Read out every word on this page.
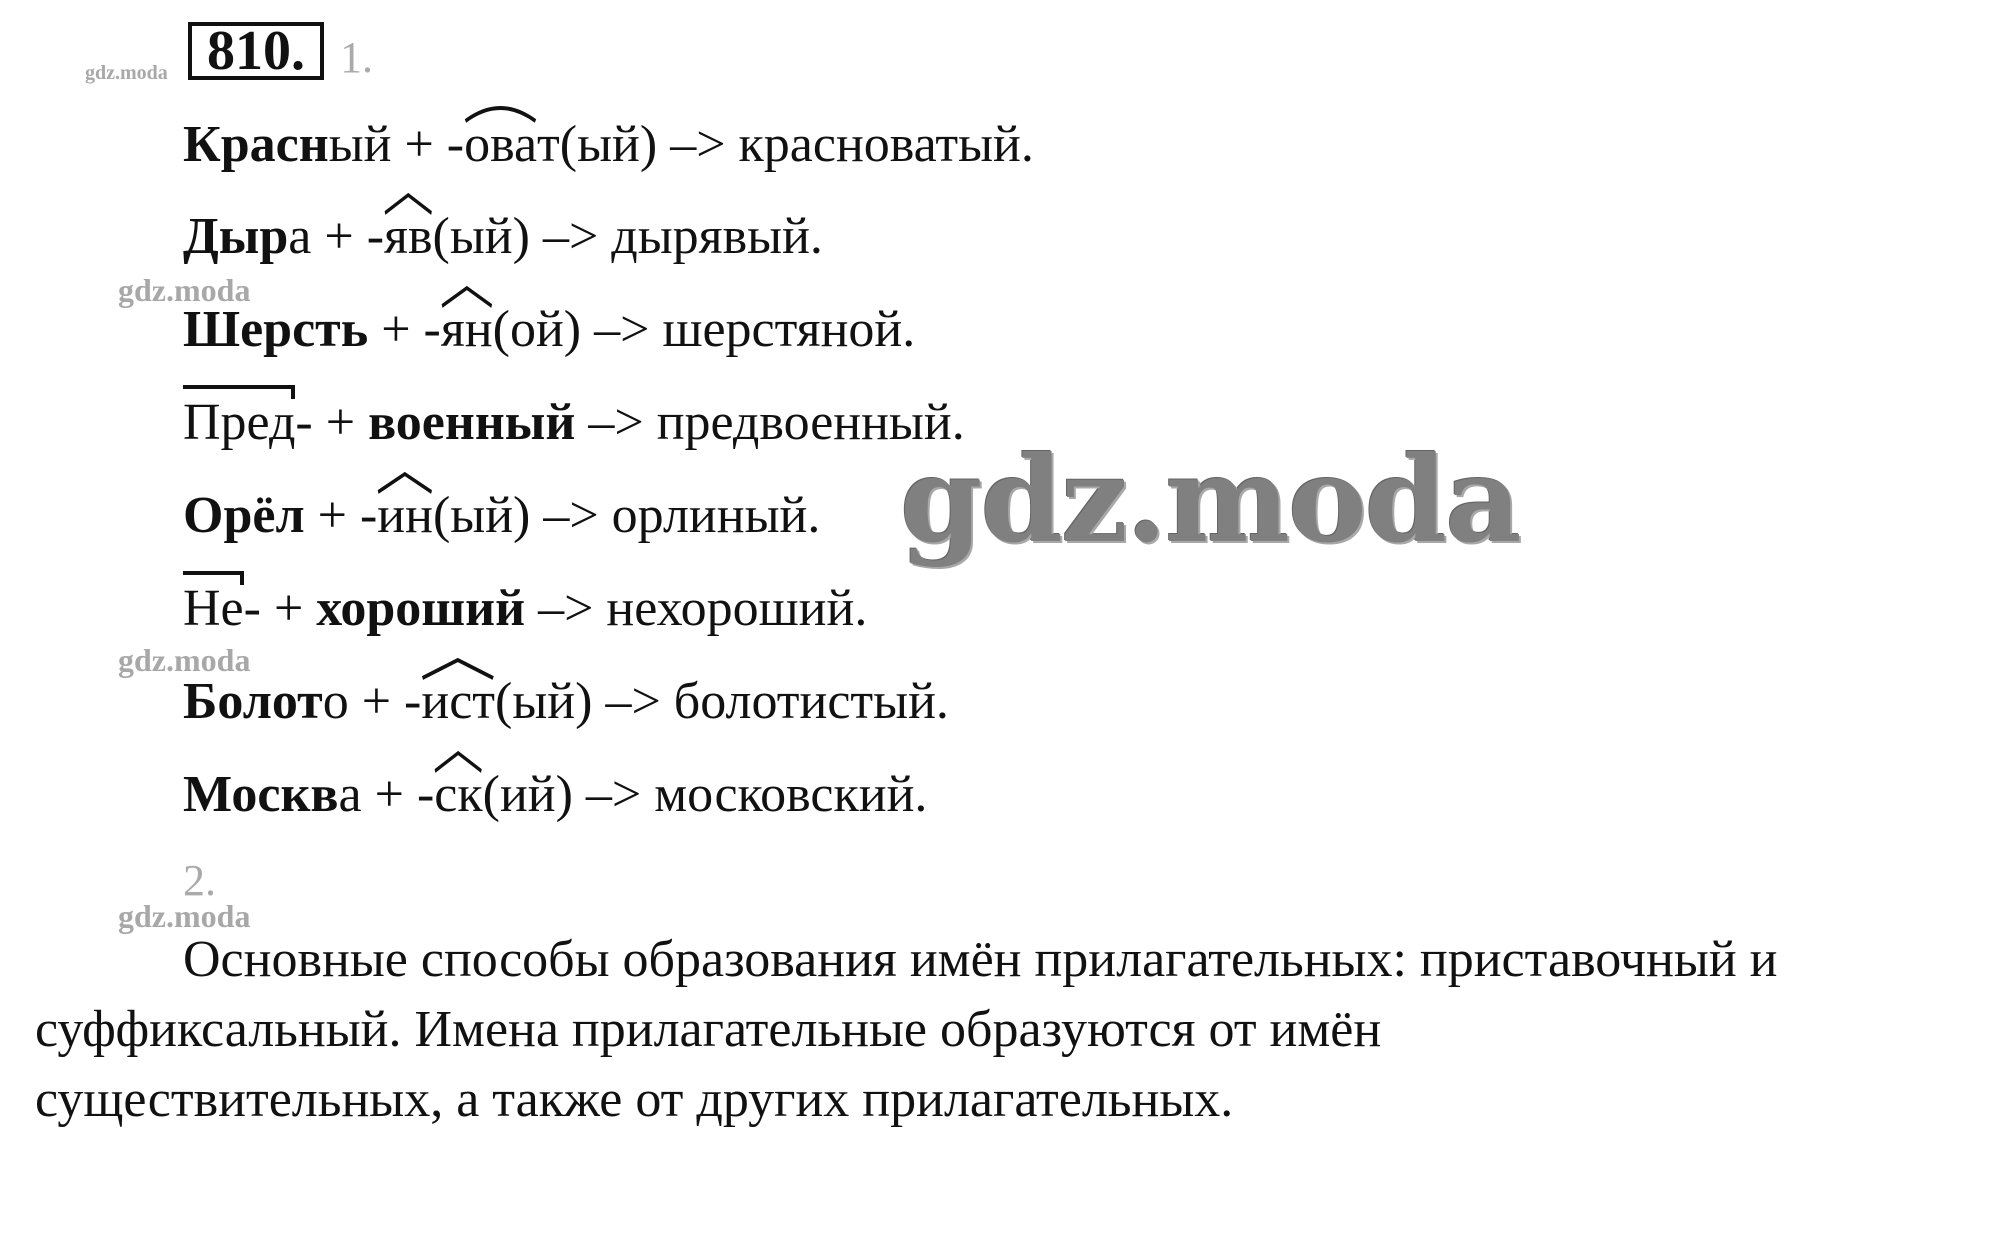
gdz.moda
gdz.moda
gdz.moda
gdz.moda
810. 1.
Красный + -
оват(ый) –> красноватый.
Дыра + -
яв(ый) –> дырявый.
Шерсть + -
ян(ой) –> шерстяной.
Пред- + военный –> предвоенный.
Орёл + -
ин(ый) –> орлиный.
Не- + хороший –> нехороший.
Болото + -
ист(ый) –> болотистый.
Москва + -
ск(ий) –> московский.
gdz.moda
2.
Основные способы образования имён прилагательных: приставочный и
суффиксальный. Имена прилагательные образуются от имён
существительных, а также от других прилагательных.
